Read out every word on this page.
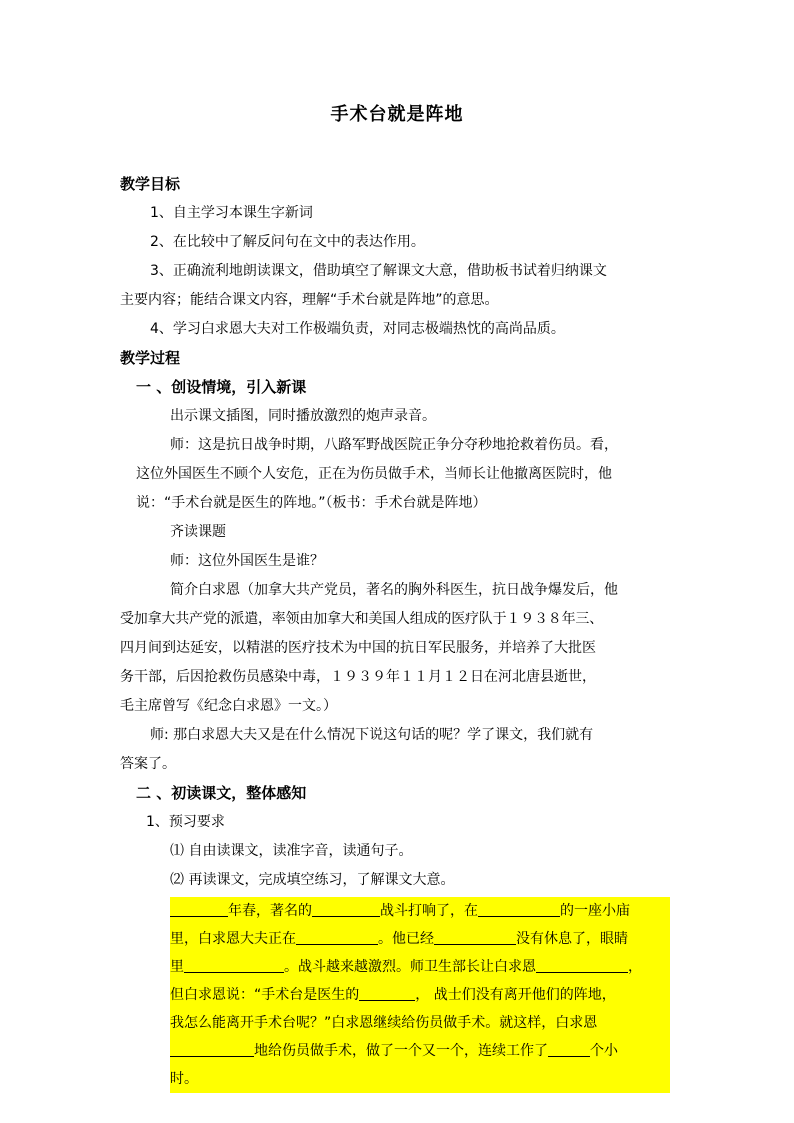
手术台就是阵地
教学目标
1、自主学习本课生字新词
2、在比较中了解反问句在文中的表达作用。
3、正确流利地朗读课文，借助填空了解课文大意，借助板书试着归纳课文
主要内容；能结合课文内容，理解“手术台就是阵地”的意思。
4、学习白求恩大夫对工作极端负责，对同志极端热忱的高尚品质。
教学过程
一 、创设情境，引入新课
出示课文插图，同时播放激烈的炮声录音。
师：这是抗日战争时期，八路军野战医院正争分夺秒地抢救着伤员。看，
这位外国医生不顾个人安危，正在为伤员做手术，当师长让他撤离医院时，他
说：“手术台就是医生的阵地。”（板书：手术台就是阵地）
齐读课题
师：这位外国医生是谁？
简介白求恩（加拿大共产党员，著名的胸外科医生，抗日战争爆发后，他
受加拿大共产党的派遣，率领由加拿大和美国人组成的医疗队于１９３８年三、
四月间到达延安，以精湛的医疗技术为中国的抗日军民服务，并培养了大批医
务干部，后因抢救伤员感染中毒，１９３９年１１月１２日在河北唐县逝世，
毛主席曾写《纪念白求恩》一文。）
师: 那白求恩大夫又是在什么情况下说这句话的呢？学了课文，我们就有
答案了。
二 、初读课文，整体感知
1、预习要求
⑴ 自由读课文，读准字音，读通句子。
⑵ 再读课文，完成填空练习，了解课文大意。
年春，著名的	战斗打响了，在	的一座小庙
里，白求恩大夫正在	。他已经	没有休息了，眼睛
里	。战斗越来越激烈。师卫生部长让白求恩	，
但白求恩说：“手术台是医生的	， 战士们没有离开他们的阵地，
我怎么能离开手术台呢？”白求恩继续给伤员做手术。就这样，白求恩
地给伤员做手术，做了一个又一个，连续工作了	个小
时。
